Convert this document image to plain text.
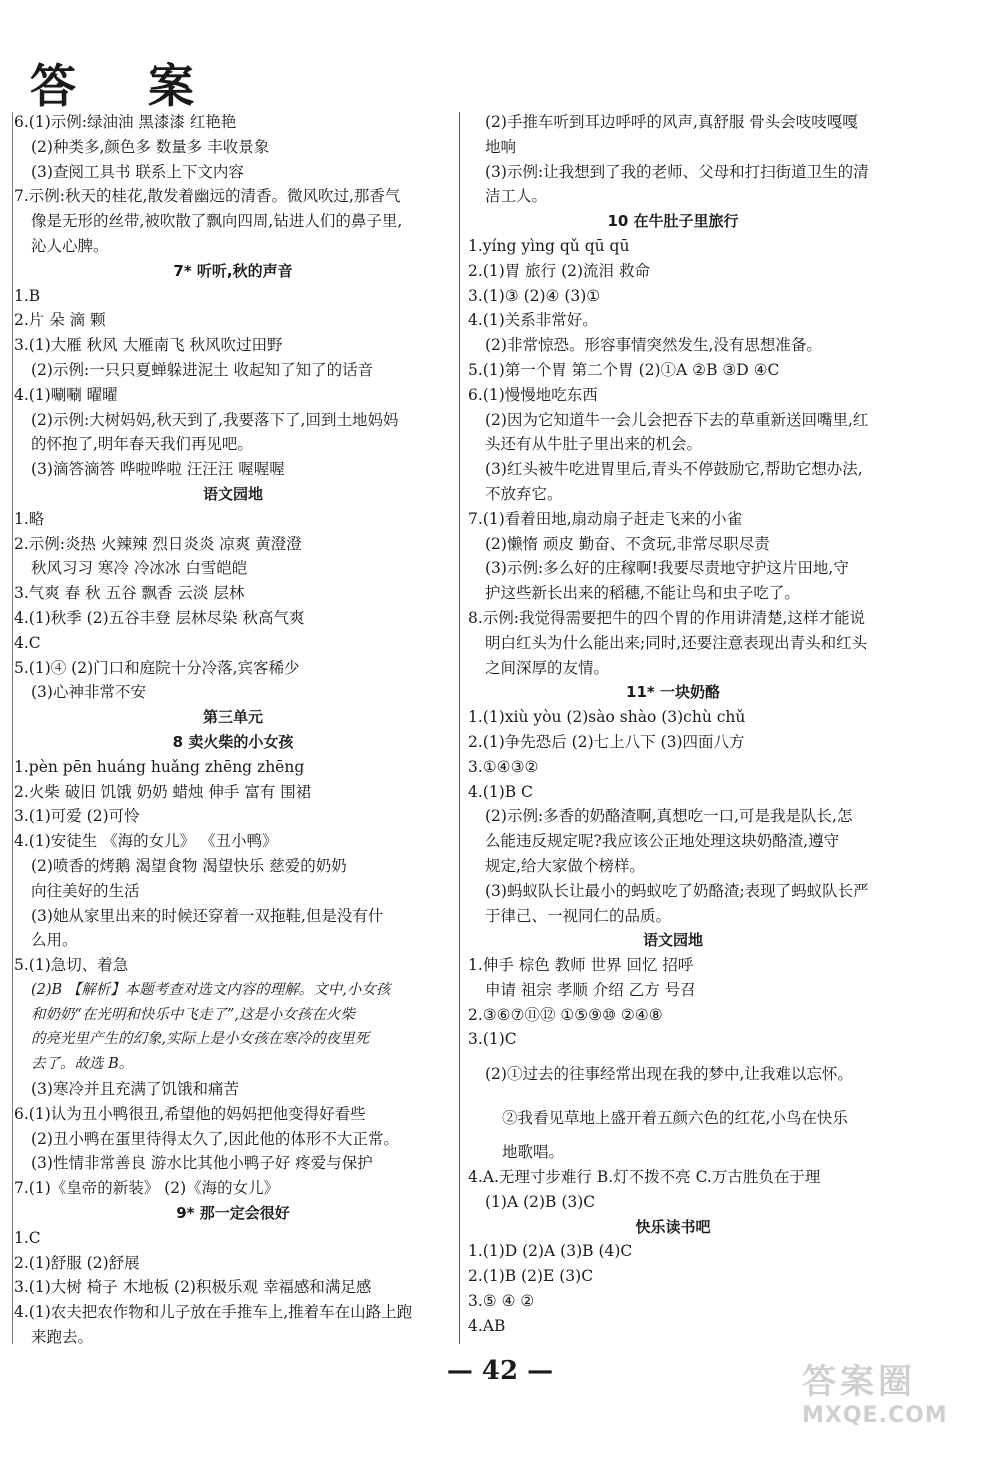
答 案
6.(1)示例:绿油油 黑漆漆 红艳艳
(2)种类多,颜色多 数量多 丰收景象
(3)查阅工具书 联系上下文内容
7.示例:秋天的桂花,散发着幽远的清香。微风吹过,那香气
像是无形的丝带,被吹散了飘向四周,钻进人们的鼻子里,
沁人心脾。
7* 听听,秋的声音
1.B
2.片 朵 滴 颗
3.(1)大雁 秋风 大雁南飞 秋风吹过田野
(2)示例:一只只夏蝉躲进泥土 收起知了知了的话音
4.(1)唰唰 曜曜
(2)示例:大树妈妈,秋天到了,我要落下了,回到土地妈妈
的怀抱了,明年春天我们再见吧。
(3)滴答滴答 哗啦哗啦 汪汪汪 喔喔喔
语文园地
1.略
2.示例:炎热 火辣辣 烈日炎炎 凉爽 黄澄澄
秋风习习 寒冷 冷冰冰 白雪皑皑
3.气爽 春 秋 五谷 飘香 云淡 层林
4.(1)秋季 (2)五谷丰登 层林尽染 秋高气爽
4.C
5.(1)④ (2)门口和庭院十分冷落,宾客稀少
(3)心神非常不安
第三单元
8 卖火柴的小女孩
1.pèn pēn huáng huǎng zhēng zhēng
2.火柴 破旧 饥饿 奶奶 蜡烛 伸手 富有 围裙
3.(1)可爱 (2)可怜
4.(1)安徒生 《海的女儿》 《丑小鸭》
(2)喷香的烤鹅 渴望食物 渴望快乐 慈爱的奶奶
向往美好的生活
(3)她从家里出来的时候还穿着一双拖鞋,但是没有什
么用。
5.(1)急切、着急
(2)B 【解析】本题考查对选文内容的理解。文中,小女孩
和奶奶“在光明和快乐中飞走了”,这是小女孩在火柴
的亮光里产生的幻象,实际上是小女孩在寒冷的夜里死
去了。故选 B。
(3)寒冷并且充满了饥饿和痛苦
6.(1)认为丑小鸭很丑,希望他的妈妈把他变得好看些
(2)丑小鸭在蛋里待得太久了,因此他的体形不大正常。
(3)性情非常善良 游水比其他小鸭子好 疼爱与保护
7.(1)《皇帝的新装》 (2)《海的女儿》
9* 那一定会很好
1.C
2.(1)舒服 (2)舒展
3.(1)大树 椅子 木地板 (2)积极乐观 幸福感和满足感
4.(1)农夫把农作物和儿子放在手推车上,推着车在山路上跑
来跑去。
(2)手推车听到耳边呼呼的风声,真舒服 骨头会吱吱嘎嘎
地响
(3)示例:让我想到了我的老师、父母和打扫街道卫生的清
洁工人。
10 在牛肚子里旅行
1.yíng yìng qǔ qū qū
2.(1)胃 旅行 (2)流泪 救命
3.(1)③ (2)④ (3)①
4.(1)关系非常好。
(2)非常惊恐。形容事情突然发生,没有思想准备。
5.(1)第一个胃 第二个胃 (2)①A ②B ③D ④C
6.(1)慢慢地吃东西
(2)因为它知道牛一会儿会把吞下去的草重新送回嘴里,红
头还有从牛肚子里出来的机会。
(3)红头被牛吃进胃里后,青头不停鼓励它,帮助它想办法,
不放弃它。
7.(1)看着田地,扇动扇子赶走飞来的小雀
(2)懒惰 顽皮 勤奋、不贪玩,非常尽职尽责
(3)示例:多么好的庄稼啊!我要尽责地守护这片田地,守
护这些新长出来的稻穗,不能让鸟和虫子吃了。
8.示例:我觉得需要把牛的四个胃的作用讲清楚,这样才能说
明白红头为什么能出来;同时,还要注意表现出青头和红头
之间深厚的友情。
11* 一块奶酪
1.(1)xiù yòu (2)sào shào (3)chù chǔ
2.(1)争先恐后 (2)七上八下 (3)四面八方
3.①④③②
4.(1)B C
(2)示例:多香的奶酪渣啊,真想吃一口,可是我是队长,怎
么能违反规定呢?我应该公正地处理这块奶酪渣,遵守
规定,给大家做个榜样。
(3)蚂蚁队长让最小的蚂蚁吃了奶酪渣;表现了蚂蚁队长严
于律己、一视同仁的品质。
语文园地
1.伸手 棕色 教师 世界 回忆 招呼
申请 祖宗 孝顺 介绍 乙方 号召
2.③⑥⑦⑪⑫ ①⑤⑨⑩ ②④⑧
3.(1)C
(2)①过去的往事经常出现在我的梦中,让我难以忘怀。
②我看见草地上盛开着五颜六色的红花,小鸟在快乐
地歌唱。
4.A.无理寸步难行 B.灯不拨不亮 C.万古胜负在于理
(1)A (2)B (3)C
快乐读书吧
1.(1)D (2)A (3)B (4)C
2.(1)B (2)E (3)C
3.⑤ ④ ②
4.AB
— 42 —	答案圈
MXQE.COM
